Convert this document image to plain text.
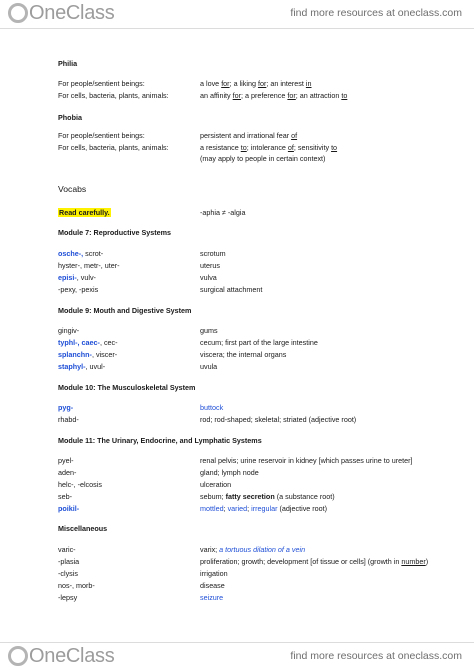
OneClass	find more resources at oneclass.com
Philia
For people/sentient beings:	a love for; a liking for; an interest in
For cells, bacteria, plants, animals:	an affinity for; a preference for; an attraction to
Phobia
For people/sentient beings:	persistent and irrational fear of
For cells, bacteria, plants, animals:	a resistance to; intolerance of; sensitivity to
(may apply to people in certain context)
Vocabs
Read carefully.	-aphia ≠ -algia
Module 7: Reproductive Systems
osche-, scrot-	scrotum
hyster-, metr-, uter-	uterus
episi-, vulv-	vulva
-pexy, -pexis	surgical attachment
Module 9: Mouth and Digestive System
gingiv-	gums
typhl-, caec-, cec-	cecum; first part of the large intestine
splanchn-, viscer-	viscera; the internal organs
staphyl-, uvul-	uvula
Module 10: The Musculoskeletal System
pyg-	buttock
rhabd-	rod; rod-shaped; skeletal; striated (adjective root)
Module 11: The Urinary, Endocrine, and Lymphatic Systems
pyel-	renal pelvis; urine reservoir in kidney [which passes urine to ureter]
aden-	gland; lymph node
helc-, -elcosis	ulceration
seb-	sebum; fatty secretion (a substance root)
poikil-	mottled; varied; irregular (adjective root)
Miscellaneous
varic-	varix; a tortuous dilation of a vein
-plasia	proliferation; growth; development [of tissue or cells] (growth in number)
-clysis	irrigation
nos-, morb-	disease
-lepsy	seizure
OneClass	find more resources at oneclass.com
